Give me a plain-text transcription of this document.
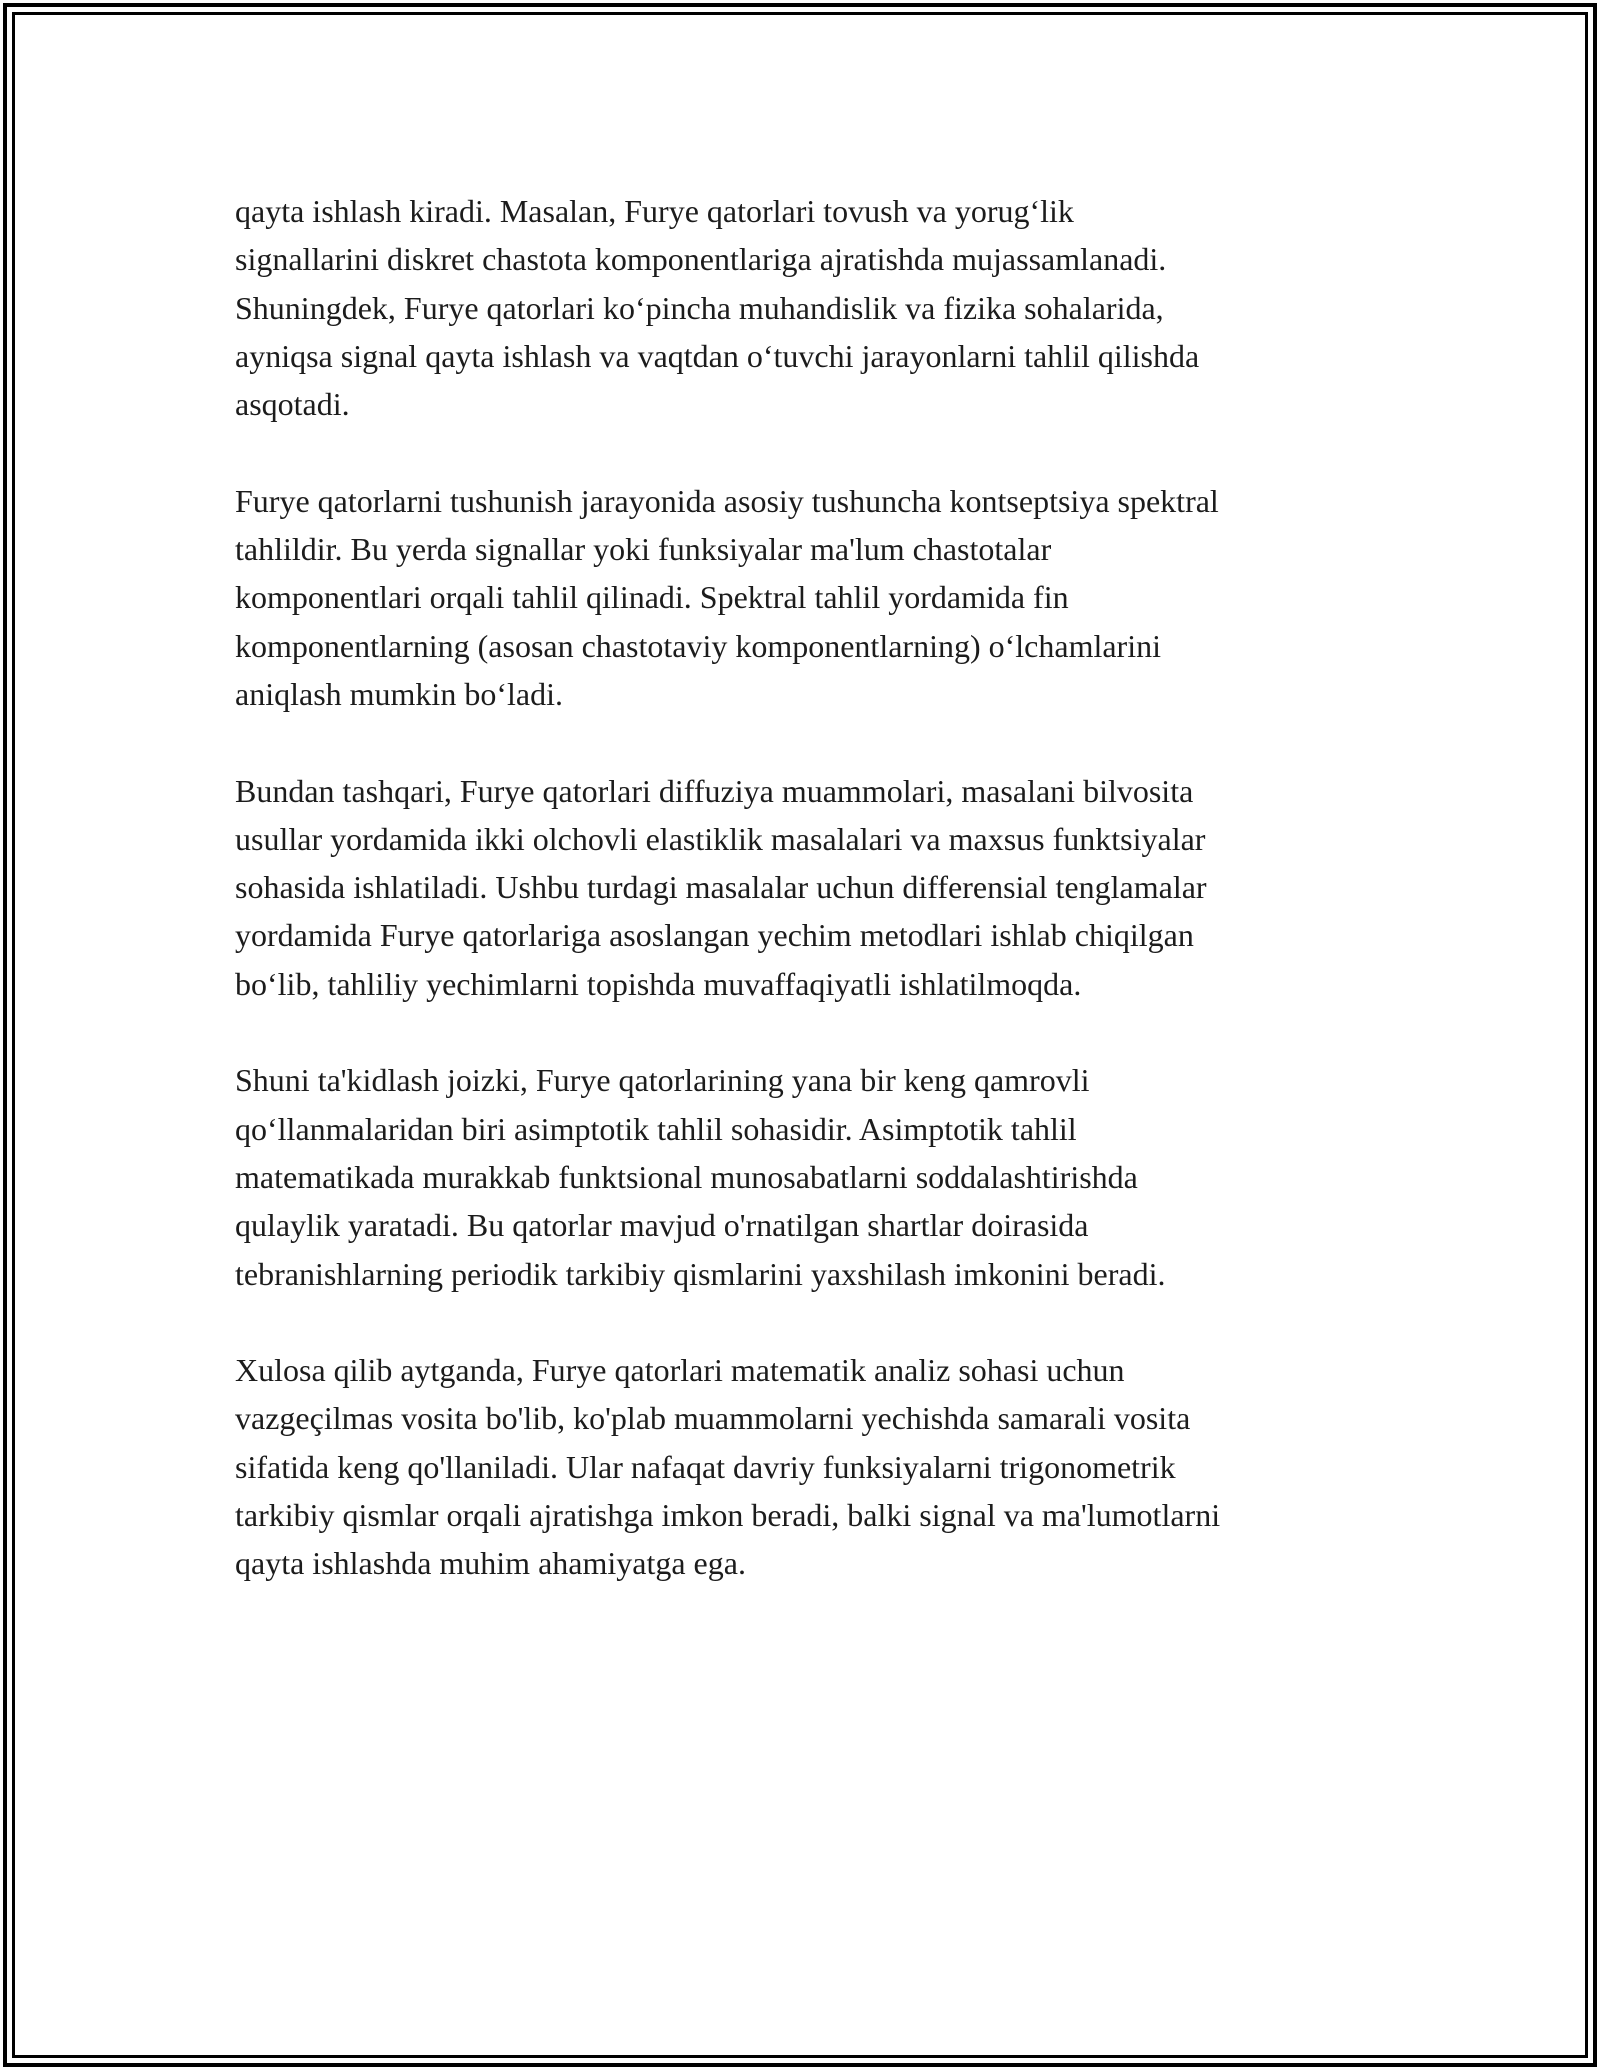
qayta ishlash kiradi. Masalan, Furye qatorlari tovush va yorugʻlik
signallarini diskret chastota komponentlariga ajratishda mujassamlanadi.
Shuningdek, Furye qatorlari koʻpincha muhandislik va fizika sohalarida,
ayniqsa signal qayta ishlash va vaqtdan oʻtuvchi jarayonlarni tahlil qilishda
asqotadi.

Furye qatorlarni tushunish jarayonida asosiy tushuncha kontseptsiya spektral
tahlildir. Bu yerda signallar yoki funksiyalar ma'lum chastotalar
komponentlari orqali tahlil qilinadi. Spektral tahlil yordamida fin
komponentlarning (asosan chastotaviy komponentlarning) oʻlchamlarini
aniqlash mumkin boʻladi.

Bundan tashqari, Furye qatorlari diffuziya muammolari, masalani bilvosita
usullar yordamida ikki olchovli elastiklik masalalari va maxsus funktsiyalar
sohasida ishlatiladi. Ushbu turdagi masalalar uchun differensial tenglamalar
yordamida Furye qatorlariga asoslangan yechim metodlari ishlab chiqilgan
boʻlib, tahliliy yechimlarni topishda muvaffaqiyatli ishlatilmoqda.

Shuni ta'kidlash joizki, Furye qatorlarining yana bir keng qamrovli
qoʻllanmalaridan biri asimptotik tahlil sohasidir. Asimptotik tahlil
matematikada murakkab funktsional munosabatlarni soddalashtirishda
qulaylik yaratadi. Bu qatorlar mavjud o'rnatilgan shartlar doirasida
tebranishlarning periodik tarkibiy qismlarini yaxshilash imkonini beradi.

Xulosa qilib aytganda, Furye qatorlari matematik analiz sohasi uchun
vazgeçilmas vosita bo'lib, ko'plab muammolarni yechishda samarali vosita
sifatida keng qo'llaniladi. Ular nafaqat davriy funksiyalarni trigonometrik
tarkibiy qismlar orqali ajratishga imkon beradi, balki signal va ma'lumotlarni
qayta ishlashda muhim ahamiyatga ega.
